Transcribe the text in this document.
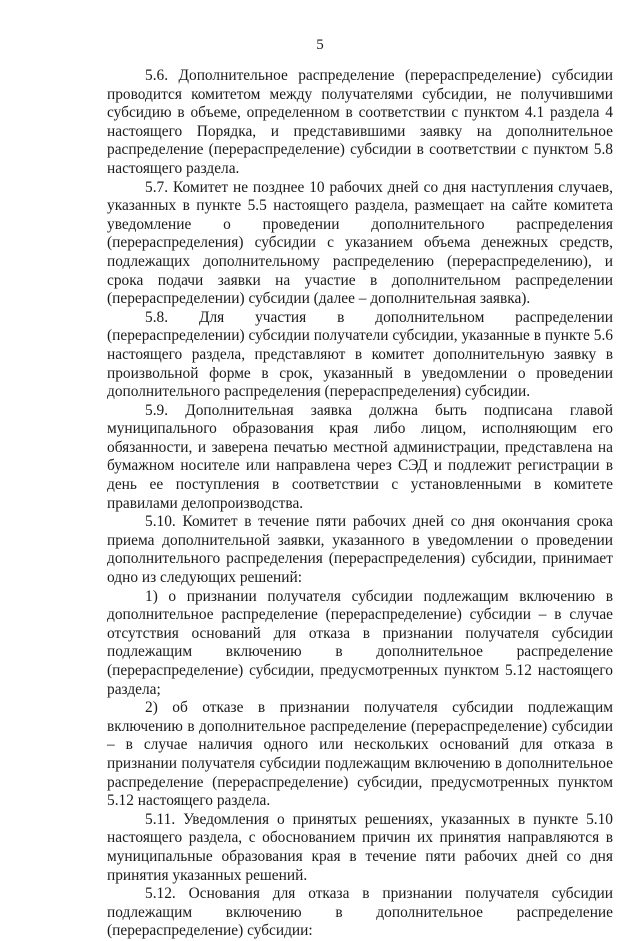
5

5.6. Дополнительное распределение (перераспределение) субсидии проводится комитетом между получателями субсидии, не получившими субсидию в объеме, определенном в соответствии с пунктом 4.1 раздела 4 настоящего Порядка, и представившими заявку на дополнительное распределение (перераспределение) субсидии в соответствии с пунктом 5.8 настоящего раздела.

5.7. Комитет не позднее 10 рабочих дней со дня наступления случаев, указанных в пункте 5.5 настоящего раздела, размещает на сайте комитета уведомление о проведении дополнительного распределения (перераспределения) субсидии с указанием объема денежных средств, подлежащих дополнительному распределению (перераспределению), и срока подачи заявки на участие в дополнительном распределении (перераспределении) субсидии (далее – дополнительная заявка).

5.8. Для участия в дополнительном распределении (перераспределении) субсидии получатели субсидии, указанные в пункте 5.6 настоящего раздела, представляют в комитет дополнительную заявку в произвольной форме в срок, указанный в уведомлении о проведении дополнительного распределения (перераспределения) субсидии.

5.9. Дополнительная заявка должна быть подписана главой муниципального образования края либо лицом, исполняющим его обязанности, и заверена печатью местной администрации, представлена на бумажном носителе или направлена через СЭД и подлежит регистрации в день ее поступления в соответствии с установленными в комитете правилами делопроизводства.

5.10. Комитет в течение пяти рабочих дней со дня окончания срока приема дополнительной заявки, указанного в уведомлении о проведении дополнительного распределения (перераспределения) субсидии, принимает одно из следующих решений:

1) о признании получателя субсидии подлежащим включению в дополнительное распределение (перераспределение) субсидии – в случае отсутствия оснований для отказа в признании получателя субсидии подлежащим включению в дополнительное распределение (перераспределение) субсидии, предусмотренных пунктом 5.12 настоящего раздела;

2) об отказе в признании получателя субсидии подлежащим включению в дополнительное распределение (перераспределение) субсидии – в случае наличия одного или нескольких оснований для отказа в признании получателя субсидии подлежащим включению в дополнительное распределение (перераспределение) субсидии, предусмотренных пунктом 5.12 настоящего раздела.

5.11. Уведомления о принятых решениях, указанных в пункте 5.10 настоящего раздела, с обоснованием причин их принятия направляются в муниципальные образования края в течение пяти рабочих дней со дня принятия указанных решений.

5.12. Основания для отказа в признании получателя субсидии подлежащим включению в дополнительное распределение (перераспределение) субсидии:
